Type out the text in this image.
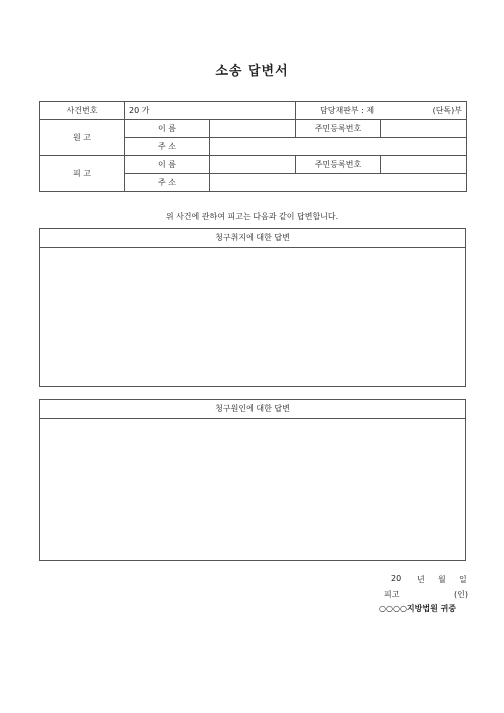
소송 답변서
사건번호	20 가		담당재판부 : 제 (단독)부	

원 고	이 름		주민등록번호	
	주 소			
피 고	이 름		주민등록번호	
	주 소			
위 사건에 관하여 피고는 다음과 같이 답변합니다.
청구취지에 대한 답변
청구원인에 대한 답변
20 년 월 일
피고	(인)
○○○○지방법원 귀중
